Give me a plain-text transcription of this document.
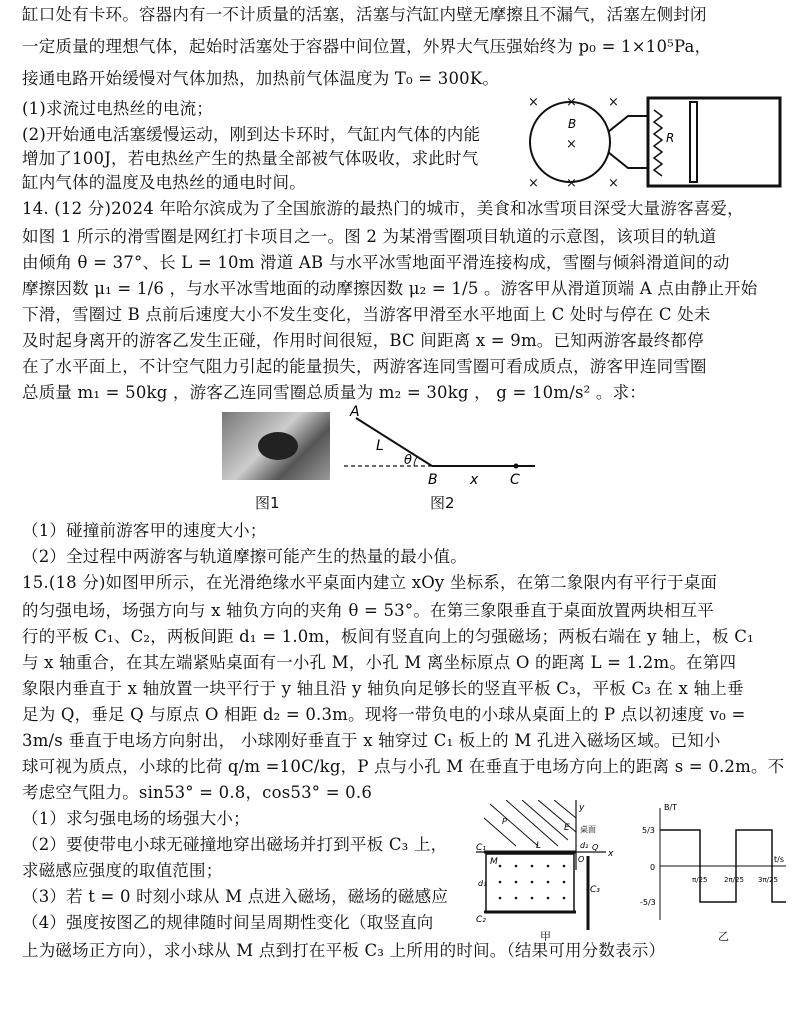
缸口处有卡环。容器内有一不计质量的活塞，活塞与汽缸内壁无摩擦且不漏气，活塞左侧封闭
一定质量的理想气体，起始时活塞处于容器中间位置，外界大气压强始终为 p₀ = 1×10⁵Pa，
接通电路开始缓慢对气体加热，加热前气体温度为 T₀ = 300K。
(1)求流过电热丝的电流；
(2)开始通电活塞缓慢运动，刚到达卡环时，气缸内气体的内能
增加了100J，若电热丝产生的热量全部被气体吸收，求此时气
缸内气体的温度及电热丝的通电时间。
× × ×
×
× × ×
B
R
14. (12 分)2024 年哈尔滨成为了全国旅游的最热门的城市，美食和冰雪项目深受大量游客喜爱，
如图 1 所示的滑雪圈是网红打卡项目之一。图 2 为某滑雪圈项目轨道的示意图，该项目的轨道
由倾角 θ = 37°、长 L = 10m 滑道 AB 与水平冰雪地面平滑连接构成，雪圈与倾斜滑道间的动
摩擦因数 μ₁ = 1/6 ，与水平冰雪地面的动摩擦因数 μ₂ = 1/5 。游客甲从滑道顶端 A 点由静止开始
下滑，雪圈过 B 点前后速度大小不发生变化，当游客甲滑至水平地面上 C 处时与停在 C 处未
及时起身离开的游客乙发生正碰，作用时间很短，BC 间距离 x = 9m。已知两游客最终都停
在了水平面上，不计空气阻力引起的能量损失，两游客连同雪圈可看成质点，游客甲连同雪圈
总质量 m₁ = 50kg ，游客乙连同雪圈总质量为 m₂ = 30kg ， g = 10m/s² 。求：
图1
A
L
θ
B x C
图2
（1）碰撞前游客甲的速度大小；
（2）全过程中两游客与轨道摩擦可能产生的热量的最小值。
15.(18 分)如图甲所示，在光滑绝缘水平桌面内建立 xOy 坐标系，在第二象限内有平行于桌面
的匀强电场，场强方向与 x 轴负方向的夹角 θ = 53°。在第三象限垂直于桌面放置两块相互平
行的平板 C₁、C₂，两板间距 d₁ = 1.0m，板间有竖直向上的匀强磁场；两板右端在 y 轴上，板 C₁
与 x 轴重合，在其左端紧贴桌面有一小孔 M，小孔 M 离坐标原点 O 的距离 L = 1.2m。在第四
象限内垂直于 x 轴放置一块平行于 y 轴且沿 y 轴负向足够长的竖直平板 C₃，平板 C₃ 在 x 轴上垂
足为 Q，垂足 Q 与原点 O 相距 d₂ = 0.3m。现将一带负电的小球从桌面上的 P 点以初速度 v₀ =
3m/s 垂直于电场方向射出， 小球刚好垂直于 x 轴穿过 C₁ 板上的 M 孔进入磁场区域。已知小
球可视为质点，小球的比荷 q/m =10C/kg，P 点与小孔 M 在垂直于电场方向上的距离 s = 0.2m。不
考虑空气阻力。sin53° = 0.8，cos53° = 0.6
（1）求匀强电场的场强大小；
（2）要使带电小球无碰撞地穿出磁场并打到平板 C₃ 上，
求磁感应强度的取值范围；
（3）若 t = 0 时刻小球从 M 点进入磁场，磁场的磁感应
（4）强度按图乙的规律随时间呈周期性变化（取竖直向
上为磁场正方向），求小球从 M 点到打在平板 C₃ 上所用的时间。（结果可用分数表示）
E
y
桌面
P
C₁
M
L	d₂ Q
O
x
d₁
C₃
C₂
甲
B/T
0
5/3
-5/3
π/25 2π/25 3π/25
t/s
乙
